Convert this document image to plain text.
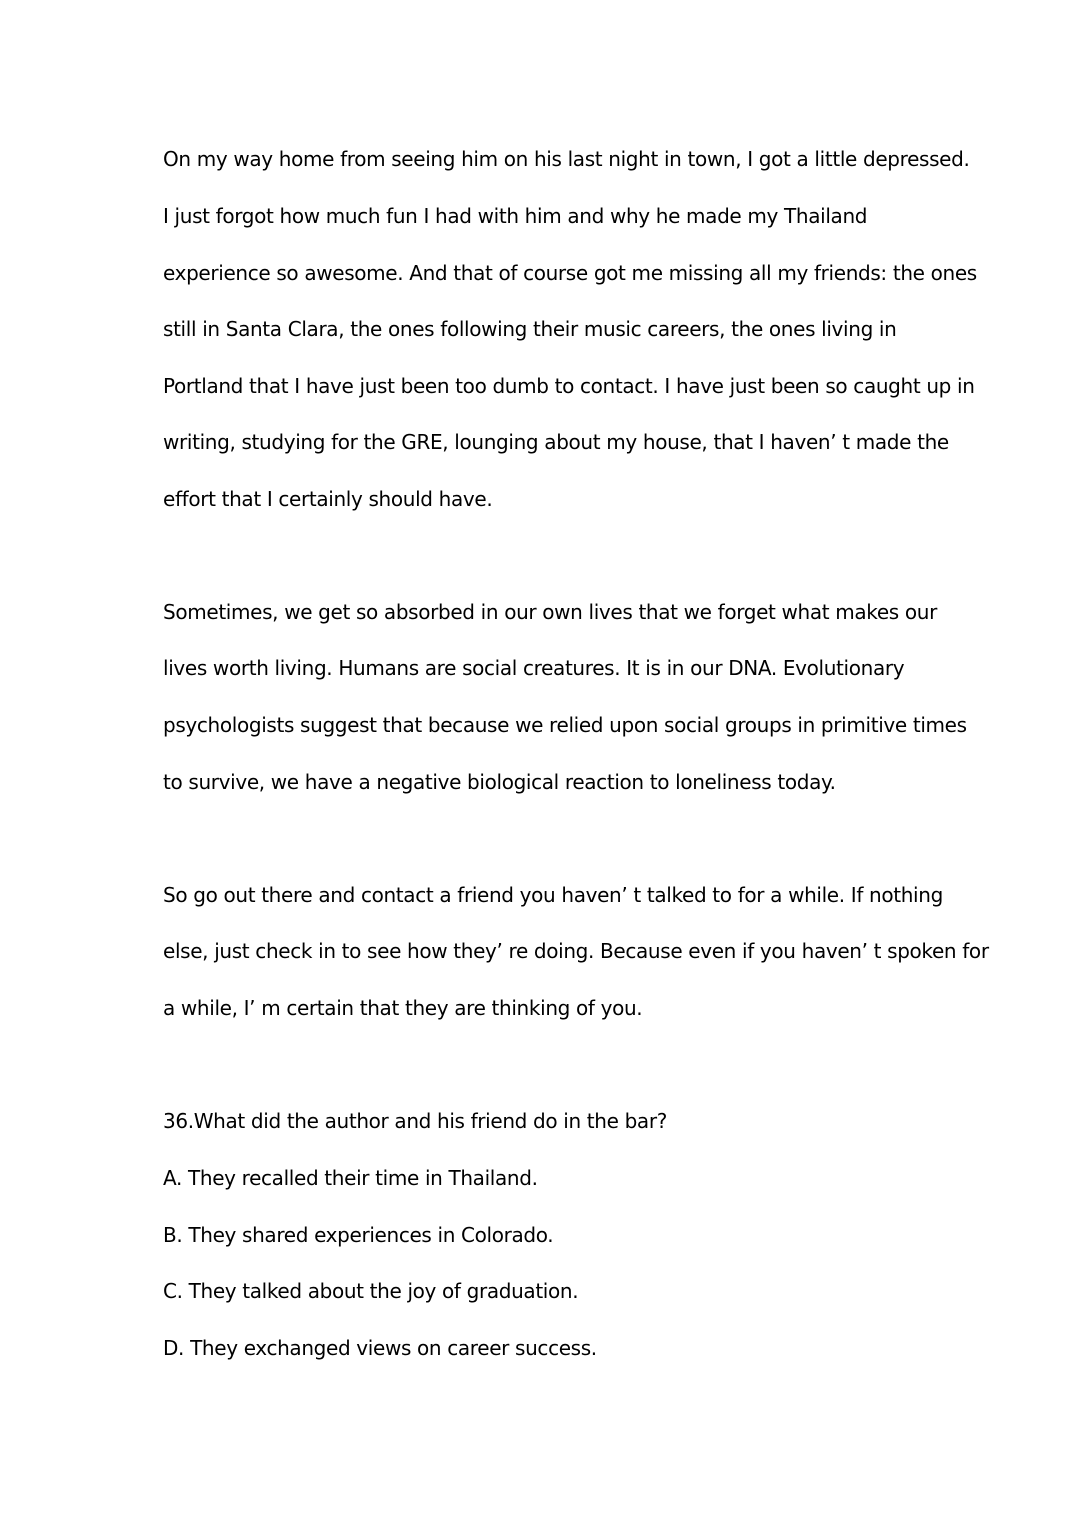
On my way home from seeing him on his last night in town, I got a little depressed.

I just forgot how much fun I had with him and why he made my Thailand

experience so awesome. And that of course got me missing all my friends: the ones

still in Santa Clara, the ones following their music careers, the ones living in

Portland that I have just been too dumb to contact. I have just been so caught up in

writing, studying for the GRE, lounging about my house, that I haven’ t made the

effort that I certainly should have.

Sometimes, we get so absorbed in our own lives that we forget what makes our

lives worth living. Humans are social creatures. It is in our DNA. Evolutionary

psychologists suggest that because we relied upon social groups in primitive times

to survive, we have a negative biological reaction to loneliness today.

So go out there and contact a friend you haven’ t talked to for a while. If nothing

else, just check in to see how they’ re doing. Because even if you haven’ t spoken for

a while, I’ m certain that they are thinking of you.

36.What did the author and his friend do in the bar?

A. They recalled their time in Thailand.

B. They shared experiences in Colorado.

C. They talked about the joy of graduation.

D. They exchanged views on career success.
